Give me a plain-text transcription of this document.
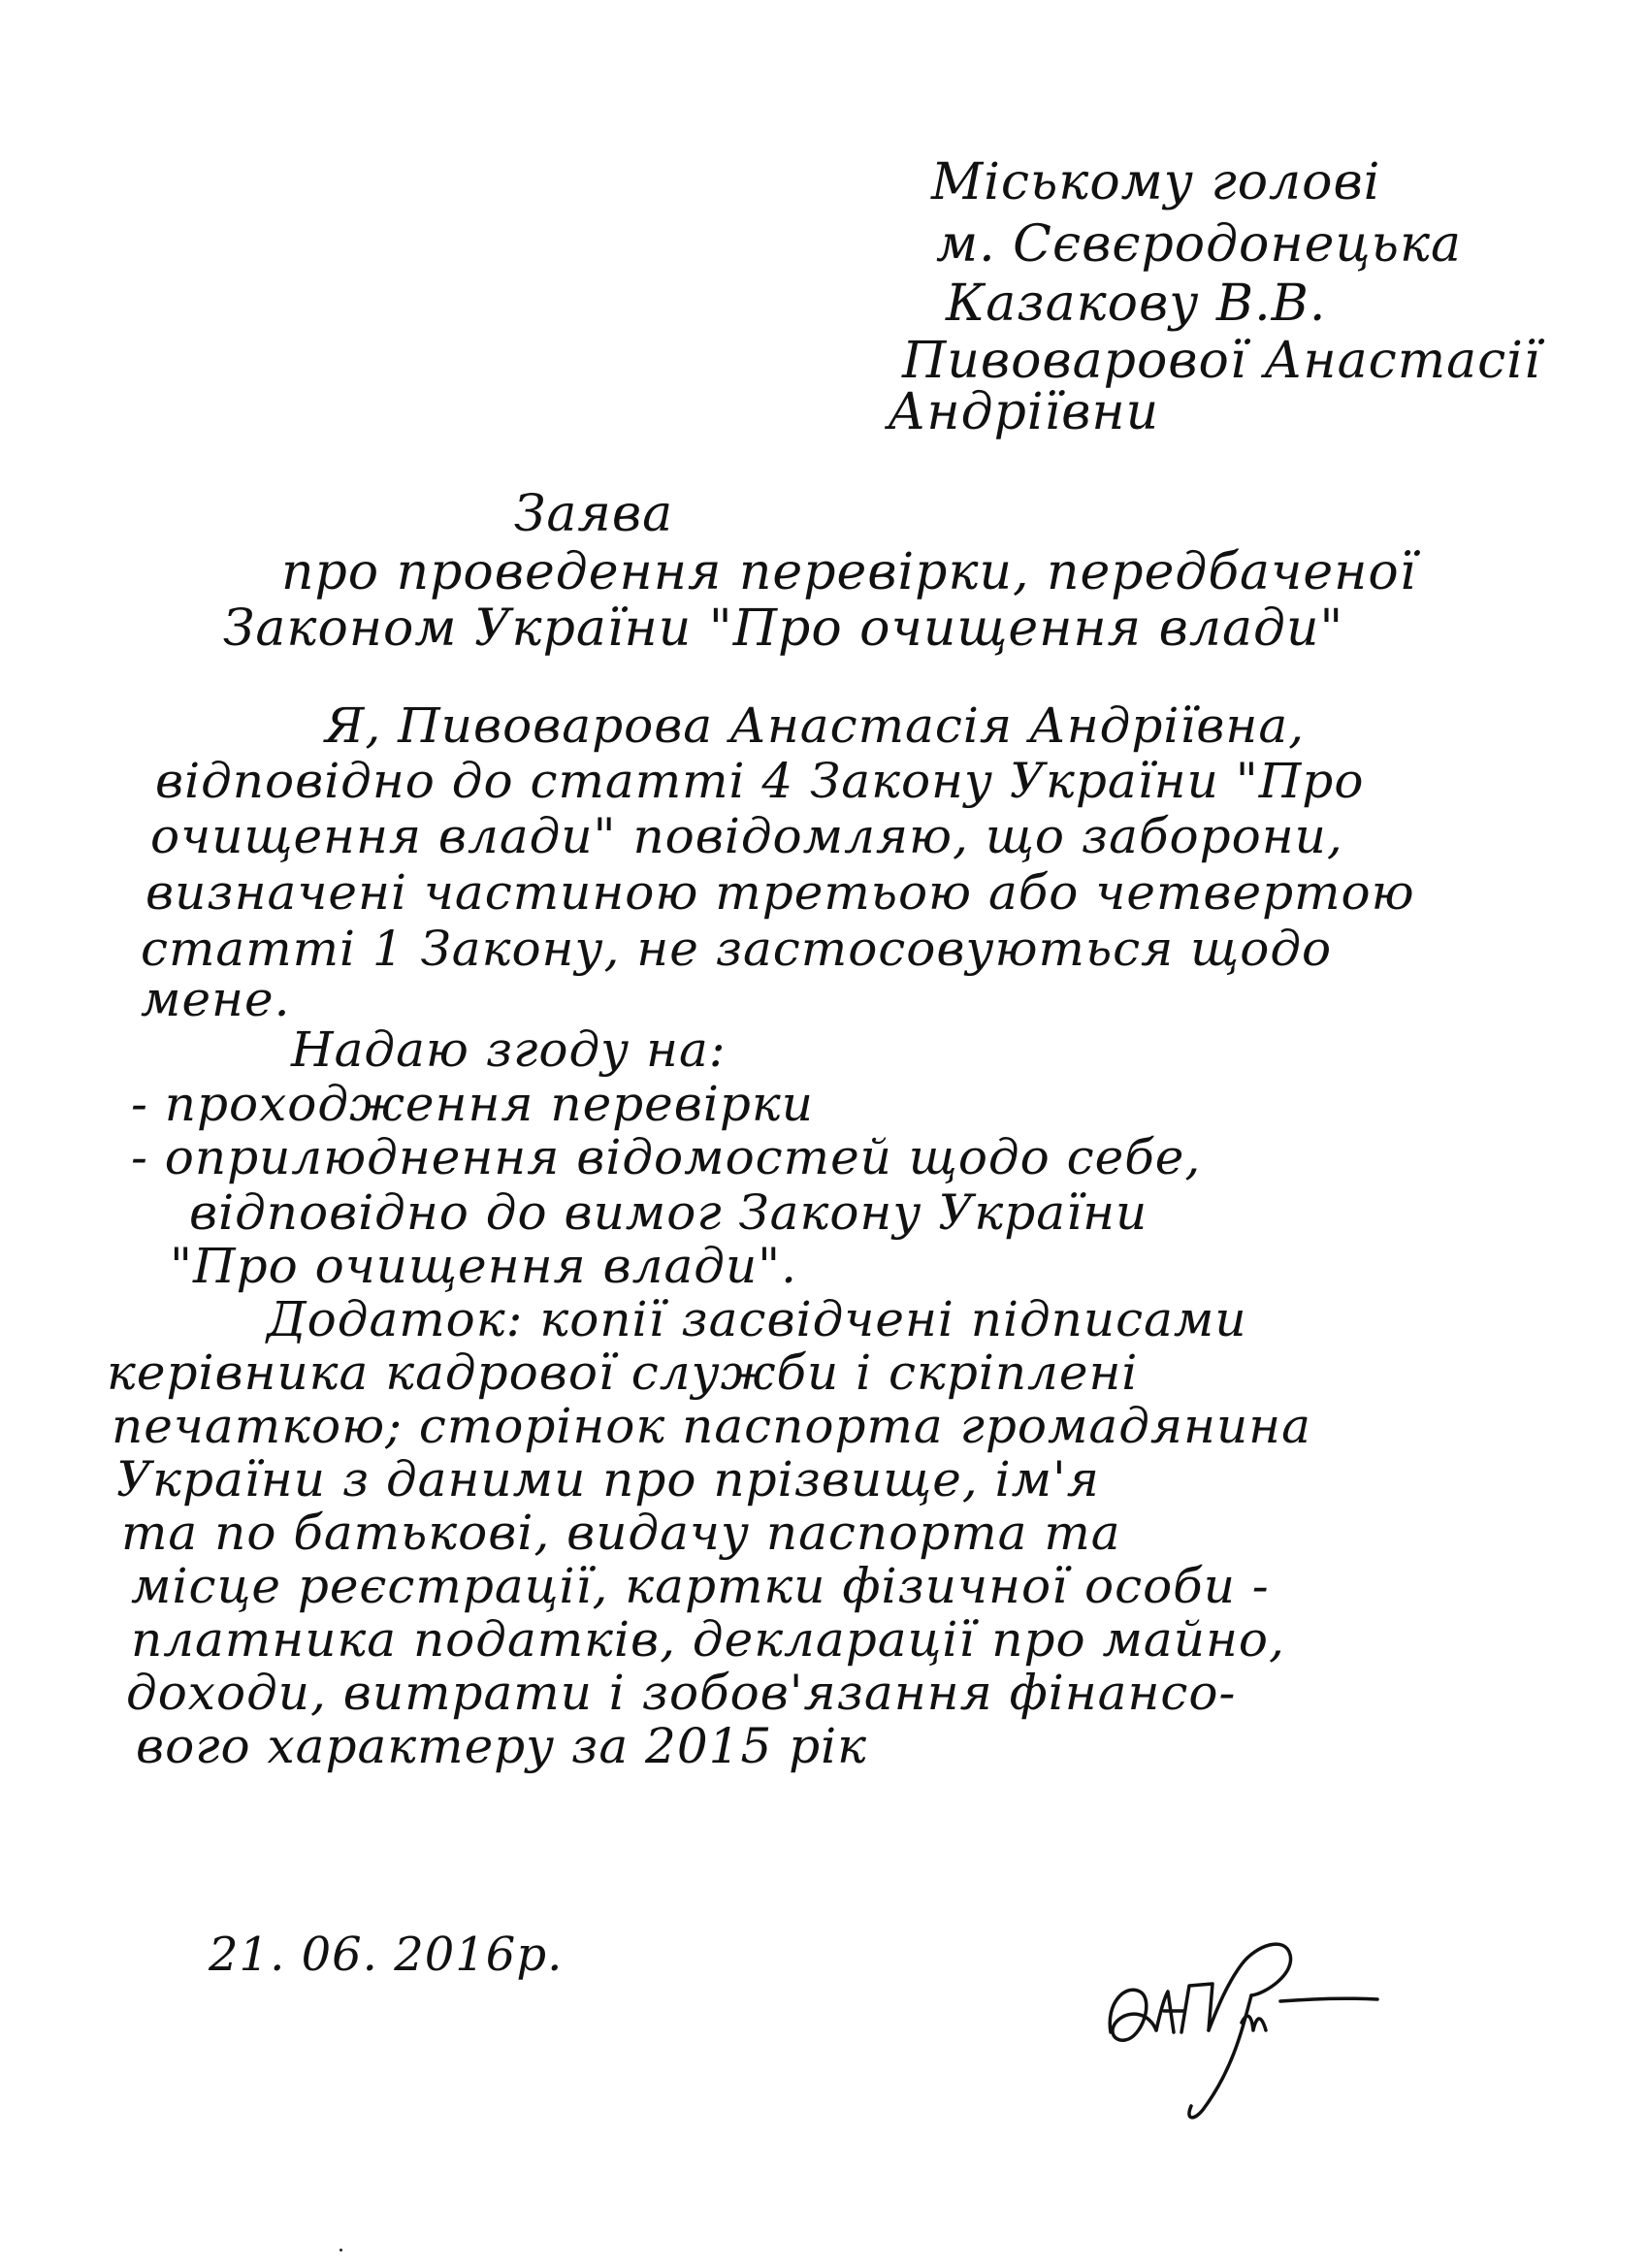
Міському голові
м. Сєвєродонецька
Казакову В.В.
Пивоварової Анастасії
Андріївни
Заява
про проведення перевірки, передбаченої
Законом України "Про очищення влади"
Я, Пивоварова Анастасія Андріївна,
відповідно до статті 4 Закону України "Про
очищення влади" повідомляю, що заборони,
визначені частиною третьою або четвертою
статті 1 Закону, не застосовуються щодо
мене.
Надаю згоду на:
- проходження перевірки
- оприлюднення відомостей щодо себе,
відповідно до вимог Закону України
"Про очищення влади".
Додаток: копії засвідчені підписами
керівника кадрової служби і скріплені
печаткою; сторінок паспорта громадянина
України з даними про прізвище, ім'я
та по батькові, видачу паспорта та
місце реєстрації, картки фізичної особи -
платника податків, декларації про майно,
доходи, витрати і зобов'язання фінансо-
вого характеру за 2015 рік
21. 06. 2016р.
